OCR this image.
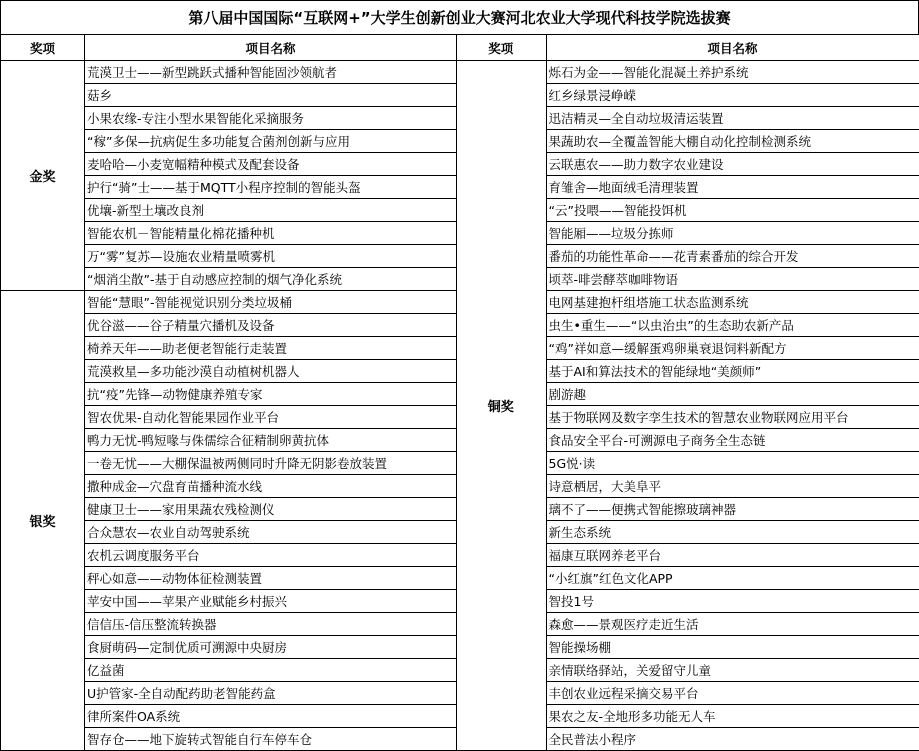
第八届中国国际“互联网+”大学生创新创业大赛河北农业大学现代科技学院选拔赛
奖项	项目名称
金奖	荒漠卫士——新型跳跃式播种智能固沙领航者
	菇乡
	小果农缘-专注小型水果智能化采摘服务
	“稼”多保—抗病促生多功能复合菌剂创新与应用
	麦哈哈—小麦宽幅精种模式及配套设备
	护行“骑”士——基于MQTT小程序控制的智能头盔
	优壤-新型土壤改良剂
	智能农机－智能精量化棉花播种机
	万“雾”复苏—设施农业精量喷雾机
	“烟消尘散”-基于自动感应控制的烟气净化系统
银奖	智能“慧眼”-智能视觉识别分类垃圾桶
	优谷滋——谷子精量穴播机及设备
	椅养天年——助老便老智能行走装置
	荒漠救星—多功能沙漠自动植树机器人
	抗“疫”先锋—动物健康养殖专家
	智农优果-自动化智能果园作业平台
	鸭力无忧-鸭短喙与侏儒综合征精制卵黄抗体
	一卷无忧——大棚保温被两侧同时升降无阴影卷放装置
	撒种成金—穴盘育苗播种流水线
	健康卫士——家用果蔬农残检测仪
	合众慧农—农业自动驾驶系统
	农机云调度服务平台
	秤心如意——动物体征检测装置
	苹安中国——苹果产业赋能乡村振兴
	信信压-信压整流转换器
	食厨萌码—定制优质可溯源中央厨房
	亿益菌
	U护管家-全自动配药助老智能药盒
	律所案件OA系统
	智存仓——地下旋转式智能自行车停车仓
奖项	项目名称
铜奖	烁石为金——智能化混凝土养护系统
	红乡绿景浸峥嵘
	迅洁精灵—全自动垃圾清运装置
	果蔬助农—全覆盖智能大棚自动化控制检测系统
	云联惠农——助力数字农业建设
	育雏舍—地面绒毛清理装置
	“云”投喂——智能投饵机
	智能厢——垃圾分拣师
	番茄的功能性革命——花青素番茄的综合开发
	顷萃-啡尝酵萃咖啡物语
	电网基建抱杆组塔施工状态监测系统
	虫生•重生——“以虫治虫”的生态助农新产品
	“鸡”祥如意—缓解蛋鸡卵巢衰退饲料新配方
	基于AI和算法技术的智能绿地“美颜师”
	剧游趣
	基于物联网及数字孪生技术的智慧农业物联网应用平台
	食品安全平台-可溯源电子商务全生态链
	5G悦·读
	诗意栖居，大美阜平
	璃不了——便携式智能擦玻璃神器
	新生态系统
	福康互联网养老平台
	“小红旗”红色文化APP
	智投1号
	森愈——景观医疗走近生活
	智能操场棚
	亲情联络驿站，关爱留守儿童
	丰创农业远程采摘交易平台
	果农之友-全地形多功能无人车
	全民普法小程序
